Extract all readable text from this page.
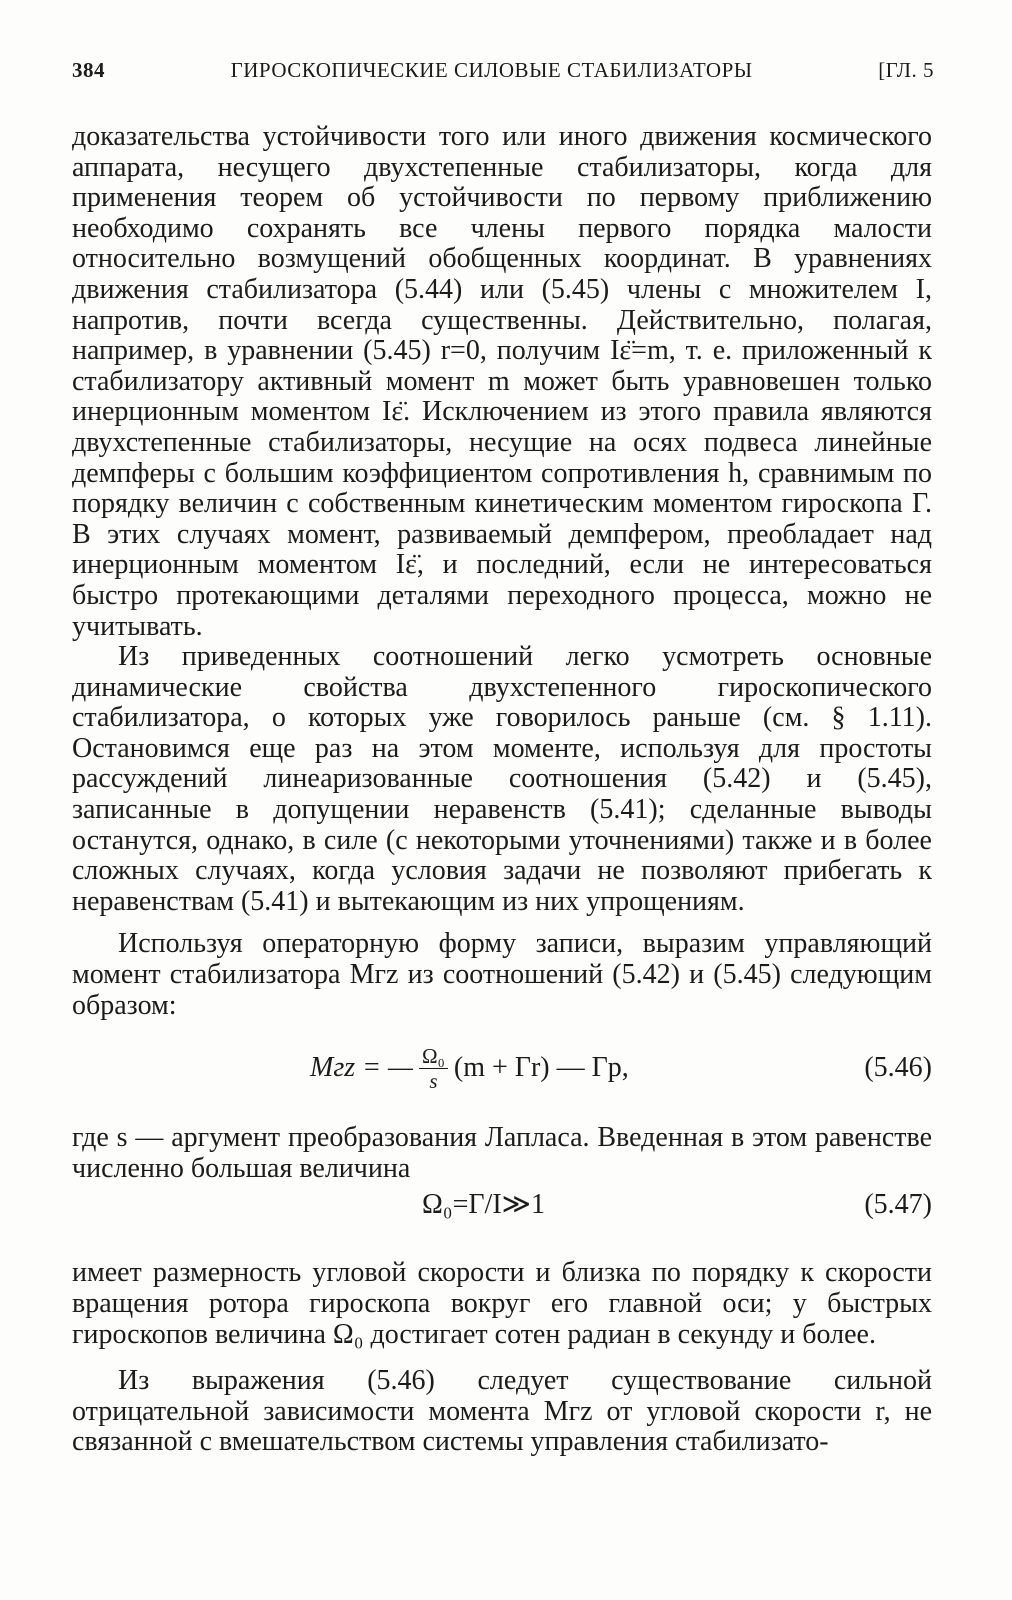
384	ГИРОСКОПИЧЕСКИЕ СИЛОВЫЕ СТАБИЛИЗАТОРЫ	[ГЛ. 5

доказательства устойчивости того или иного движения космического аппарата, несущего двухстепенные стабилизаторы, когда для применения теорем об устойчивости по первому приближению необходимо сохранять все члены первого порядка малости относительно возмущений обобщенных координат. В уравнениях движения стабилизатора (5.44) или (5.45) члены с множителем I, напротив, почти всегда существенны. Действительно, полагая, например, в уравнении (5.45) r=0, получим Iε̈=m, т. е. приложенный к стабилизатору активный момент m может быть уравновешен только инерционным моментом Iε̈. Исключением из этого правила являются двухстепенные стабилизаторы, несущие на осях подвеса линейные демпферы с большим коэффициентом сопротивления h, сравнимым по порядку величин с собственным кинетическим моментом гироскопа Г. В этих случаях момент, развиваемый демпфером, преобладает над инерционным моментом Iε̈, и последний, если не интересоваться быстро протекающими деталями переходного процесса, можно не учитывать.

Из приведенных соотношений легко усмотреть основные динамические свойства двухстепенного гироскопического стабилизатора, о которых уже говорилось раньше (см. § 1.11). Остановимся еще раз на этом моменте, используя для простоты рассуждений линеаризованные соотношения (5.42) и (5.45), записанные в допущении неравенств (5.41); сделанные выводы останутся, однако, в силе (с некоторыми уточнениями) также и в более сложных случаях, когда условия задачи не позволяют прибегать к неравенствам (5.41) и вытекающим из них упрощениям.

Используя операторную форму записи, выразим управляющий момент стабилизатора Mгz из соотношений (5.42) и (5.45) следующим образом:

Mгz = — $\frac{\text{Ω₀}}{s} (m + Гr)$ — Гp,	(5.46)

где s — аргумент преобразования Лапласа. Введенная в этом равенстве численно большая величина

Ω₀=Г/I≫1	(5.47)

имеет размерность угловой скорости и близка по порядку к скорости вращения ротора гироскопа вокруг его главной оси; у быстрых гироскопов величина Ω₀ достигает сотен радиан в секунду и более.

Из выражения (5.46) следует существование сильной отрицательной зависимости момента Mгz от угловой скорости r, не связанной с вмешательством системы управления стабилизато-
